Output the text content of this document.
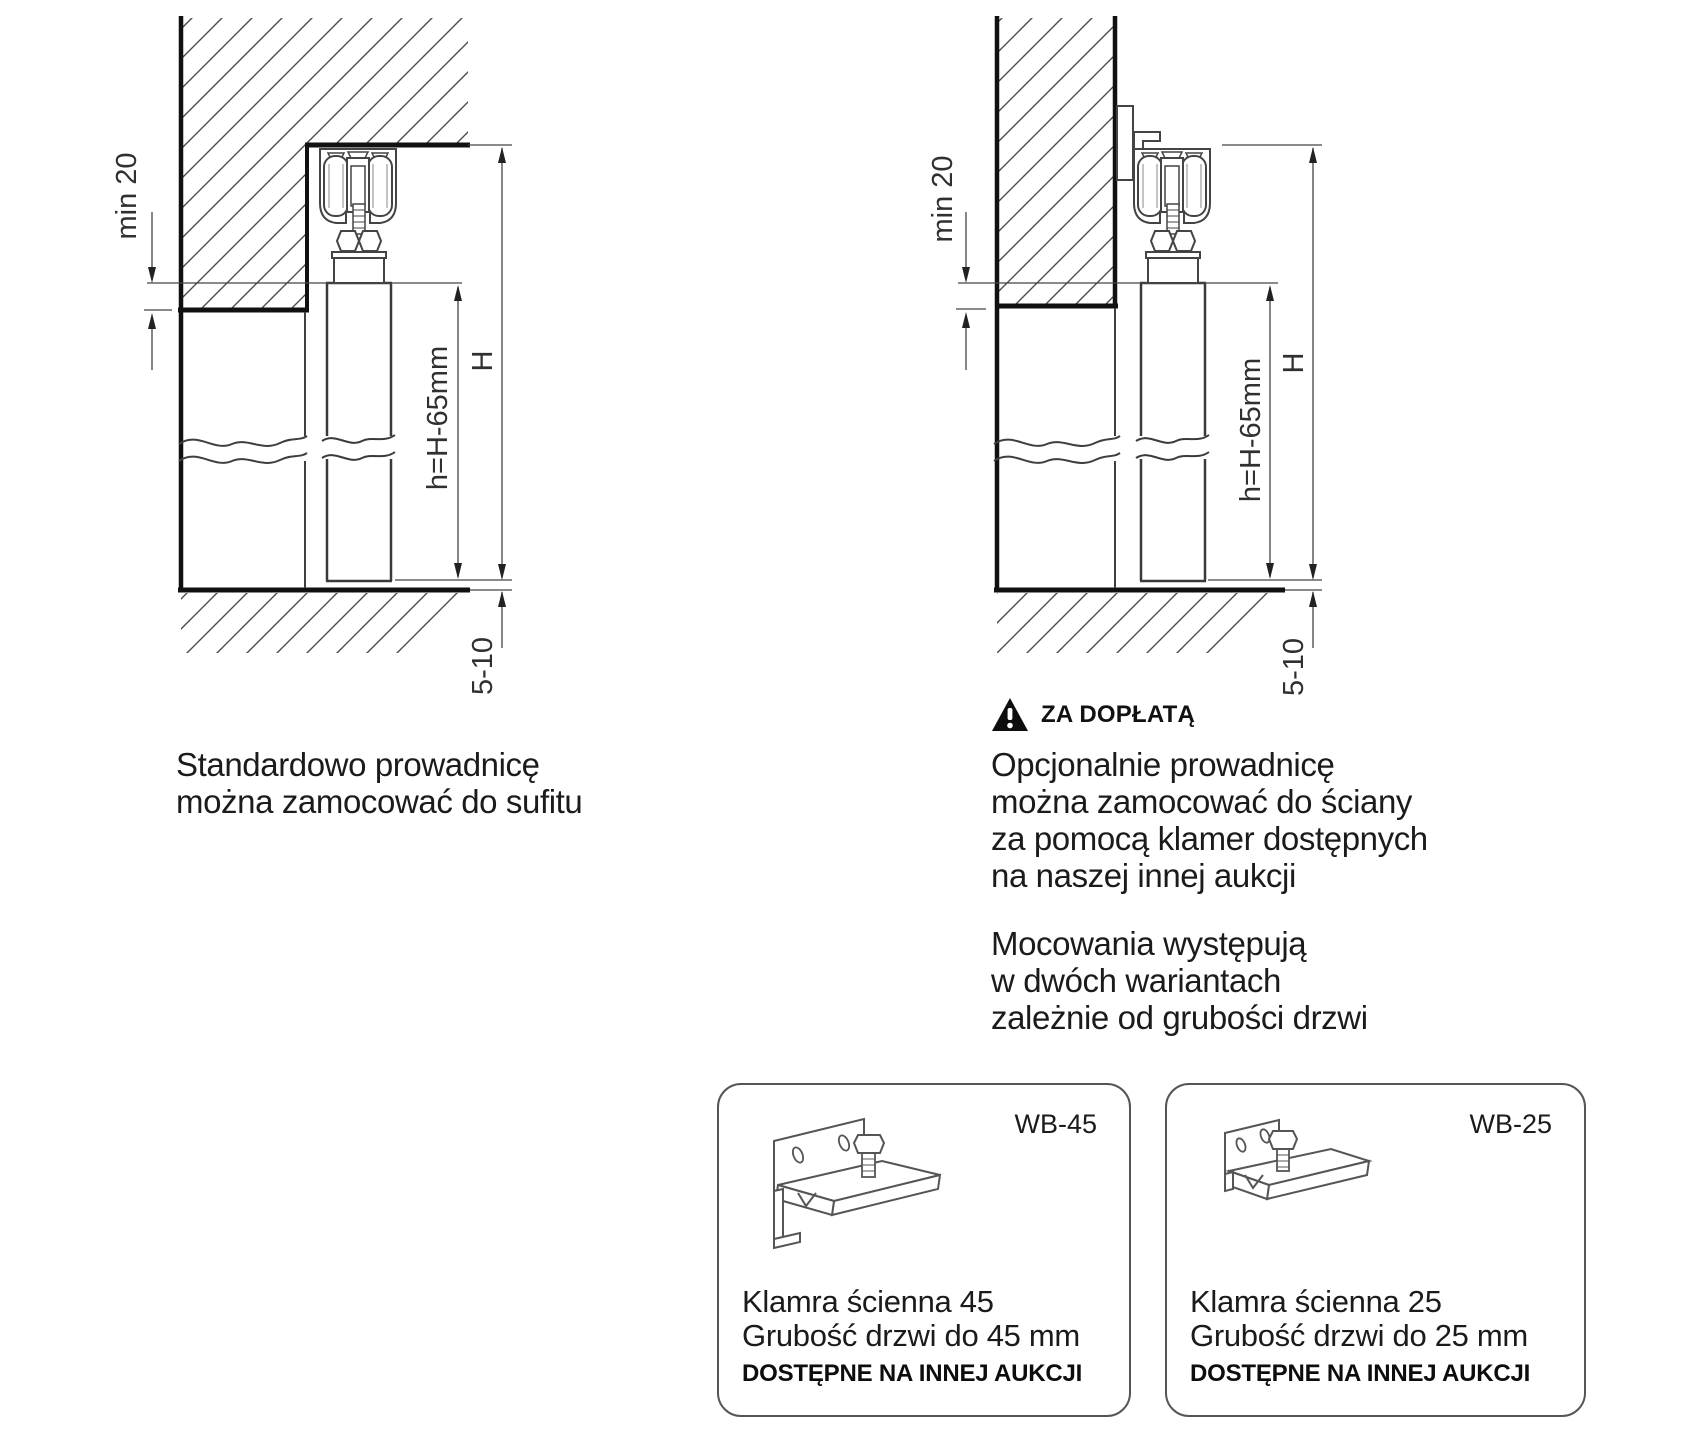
min 20
h=H-65mm H
5-10
min 20
h=H-65mm H
5-10
Standardowo prowadnicę
można zamocować do sufitu
ZA DOPŁATĄ
Opcjonalnie prowadnicę
można zamocować do ściany
za pomocą klamer dostępnych
na naszej innej aukcji
Mocowania występują
w dwóch wariantach
zależnie od grubości drzwi
WB-45
Klamra ścienna 45
Grubość drzwi do 45 mm
DOSTĘPNE NA INNEJ AUKCJI
WB-25
Klamra ścienna 25
Grubość drzwi do 25 mm
DOSTĘPNE NA INNEJ AUKCJI
